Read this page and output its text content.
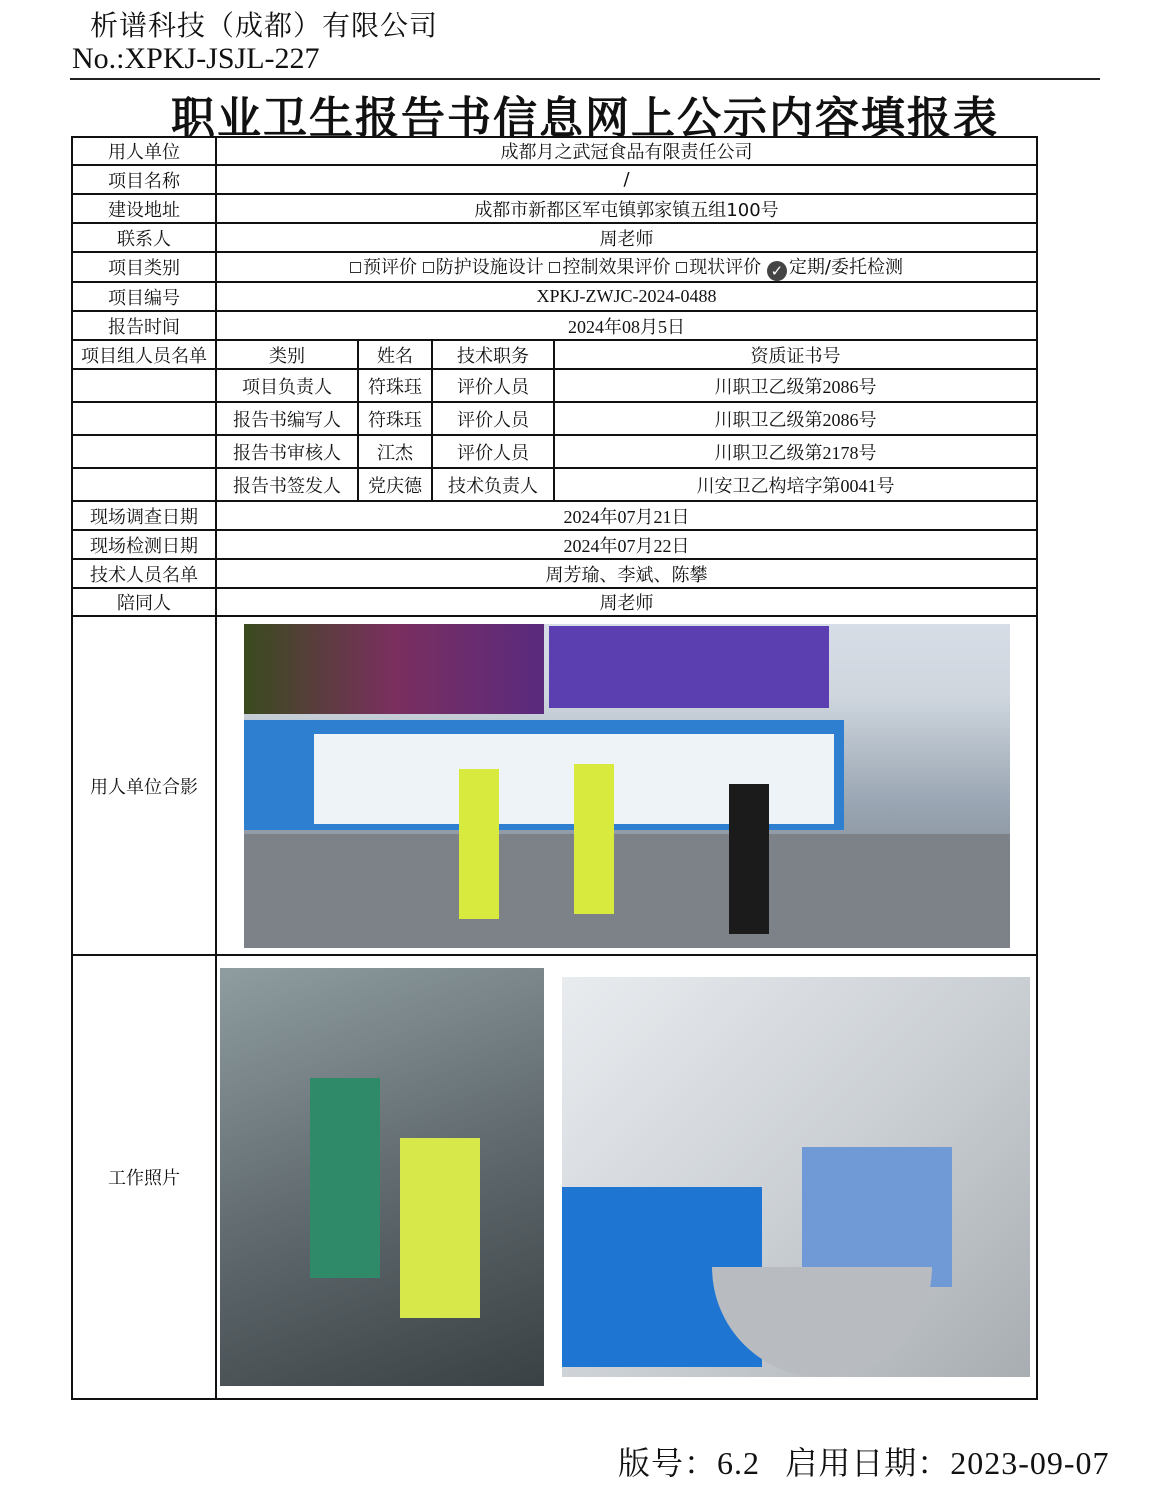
析谱科技（成都）有限公司
No.:XPKJ-JSJL-227
职业卫生报告书信息网上公示内容填报表
用人单位	成都月之武冠食品有限责任公司			
项目名称	/			
建设地址	成都市新都区军屯镇郭家镇五组100号			
联系人	周老师			
项目类别	预评价 防护设施设计 控制效果评价 现状评价 ✓ 定期/委托检测			
项目编号	XPKJ-ZWJC-2024-0488			
报告时间	2024年08月5日			
项目组人员名单	类别	姓名	技术职务	资质证书号
	项目负责人	符珠珏	评价人员	川职卫乙级第2086号
	报告书编写人	符珠珏	评价人员	川职卫乙级第2086号
	报告书审核人	江杰	评价人员	川职卫乙级第2178号
	报告书签发人	党庆德	技术负责人	川安卫乙构培字第0041号
现场调查日期	2024年07月21日			
现场检测日期	2024年07月22日			
技术人员名单	周芳瑜、李斌、陈攀			
陪同人	周老师			
用人单位合影				

工作照片				

版号：6.2 启用日期：2023-09-07
